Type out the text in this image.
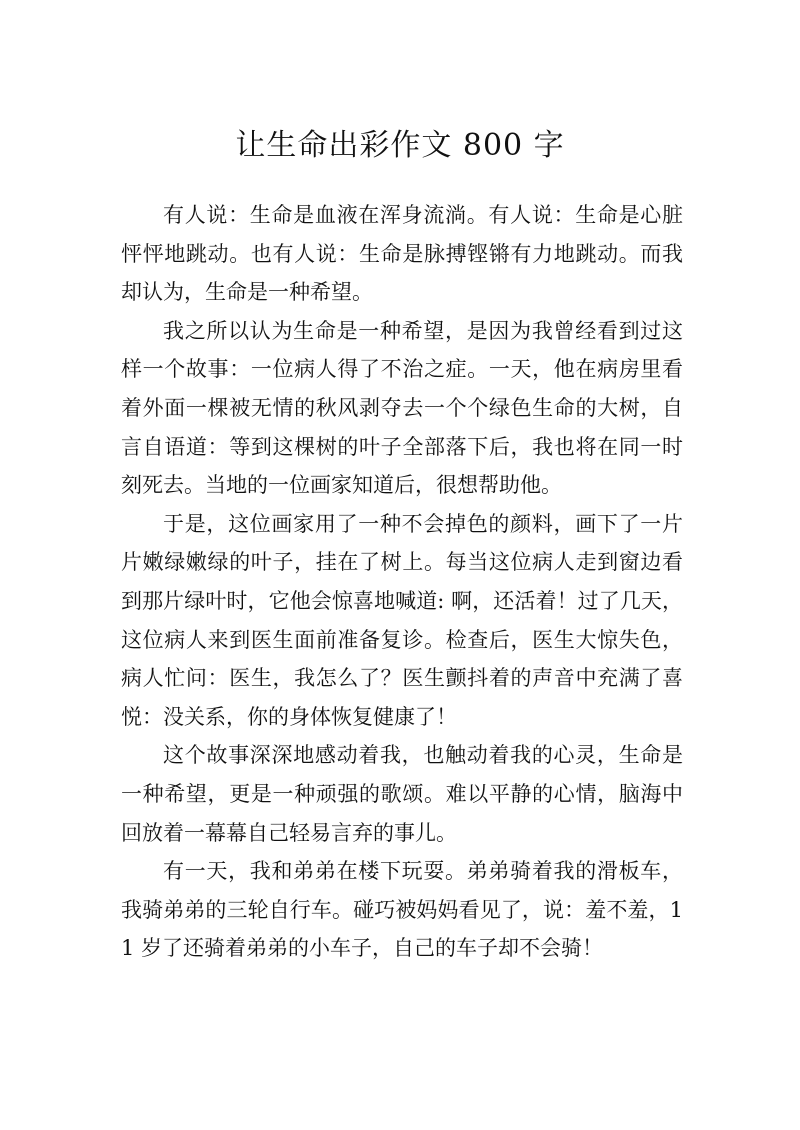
让生命出彩作文 800 字

有人说：生命是血液在浑身流淌。有人说：生命是心脏怦怦地跳动。也有人说：生命是脉搏铿锵有力地跳动。而我却认为，生命是一种希望。

我之所以认为生命是一种希望，是因为我曾经看到过这样一个故事：一位病人得了不治之症。一天，他在病房里看着外面一棵被无情的秋风剥夺去一个个绿色生命的大树，自言自语道：等到这棵树的叶子全部落下后，我也将在同一时刻死去。当地的一位画家知道后，很想帮助他。

于是，这位画家用了一种不会掉色的颜料，画下了一片片嫩绿嫩绿的叶子，挂在了树上。每当这位病人走到窗边看到那片绿叶时，它他会惊喜地喊道: 啊，还活着！过了几天，这位病人来到医生面前准备复诊。检查后，医生大惊失色，病人忙问：医生，我怎么了？医生颤抖着的声音中充满了喜悦：没关系，你的身体恢复健康了！

这个故事深深地感动着我，也触动着我的心灵，生命是一种希望，更是一种顽强的歌颂。难以平静的心情，脑海中回放着一幕幕自己轻易言弃的事儿。

有一天，我和弟弟在楼下玩耍。弟弟骑着我的滑板车，我骑弟弟的三轮自行车。碰巧被妈妈看见了，说：羞不羞，11 岁了还骑着弟弟的小车子，自己的车子却不会骑！
